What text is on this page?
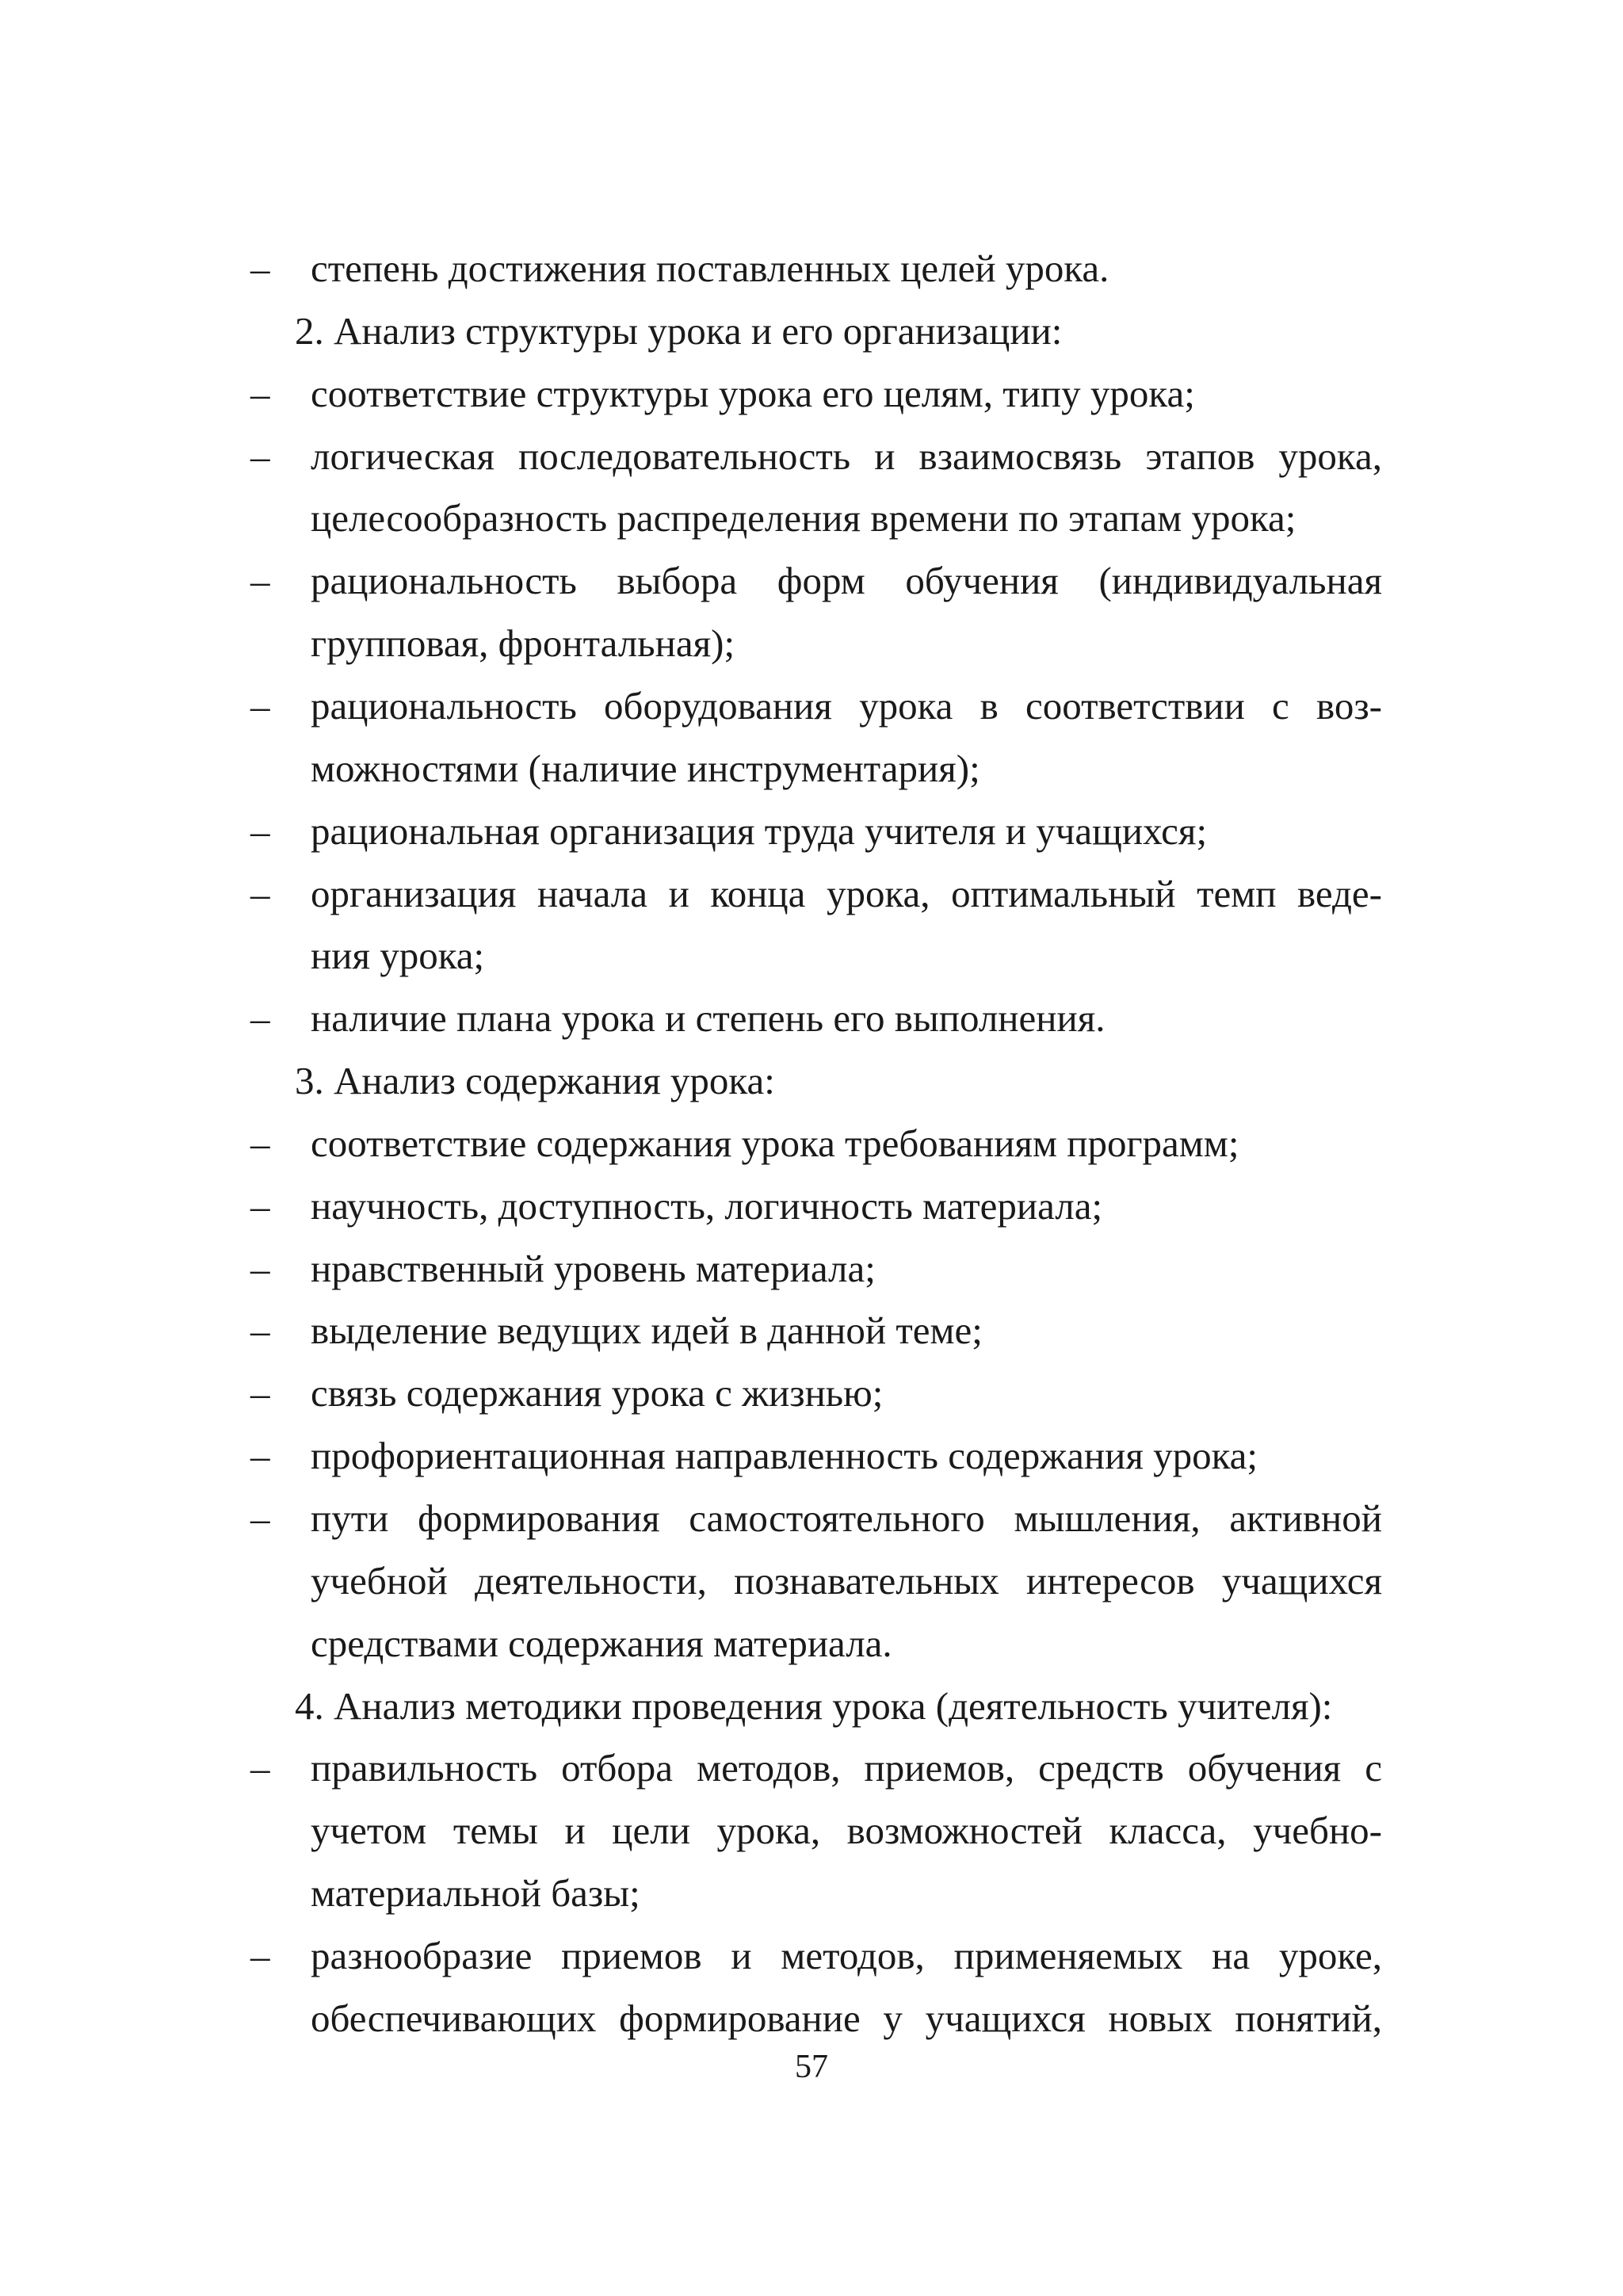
– степень достижения поставленных целей урока.
2. Анализ структуры урока и его организации:
– соответствие структуры урока его целям, типу урока;
– логическая последовательность и взаимосвязь этапов урока,
целесообразность распределения времени по этапам урока;
– рациональность выбора форм обучения (индивидуальная
групповая, фронтальная);
– рациональность оборудования урока в соответствии с воз-
можностями (наличие инструментария);
– рациональная организация труда учителя и учащихся;
– организация начала и конца урока, оптимальный темп веде-
ния урока;
– наличие плана урока и степень его выполнения.
3. Анализ содержания урока:
– соответствие содержания урока требованиям программ;
– научность, доступность, логичность материала;
– нравственный уровень материала;
– выделение ведущих идей в данной теме;
– связь содержания урока с жизнью;
– профориентационная направленность содержания урока;
– пути формирования самостоятельного мышления, активной
учебной деятельности, познавательных интересов учащихся
средствами содержания материала.
4. Анализ методики проведения урока (деятельность учителя):
– правильность отбора методов, приемов, средств обучения с
учетом темы и цели урока, возможностей класса, учебно-
материальной базы;
– разнообразие приемов и методов, применяемых на уроке,
обеспечивающих формирование у учащихся новых понятий,
57
